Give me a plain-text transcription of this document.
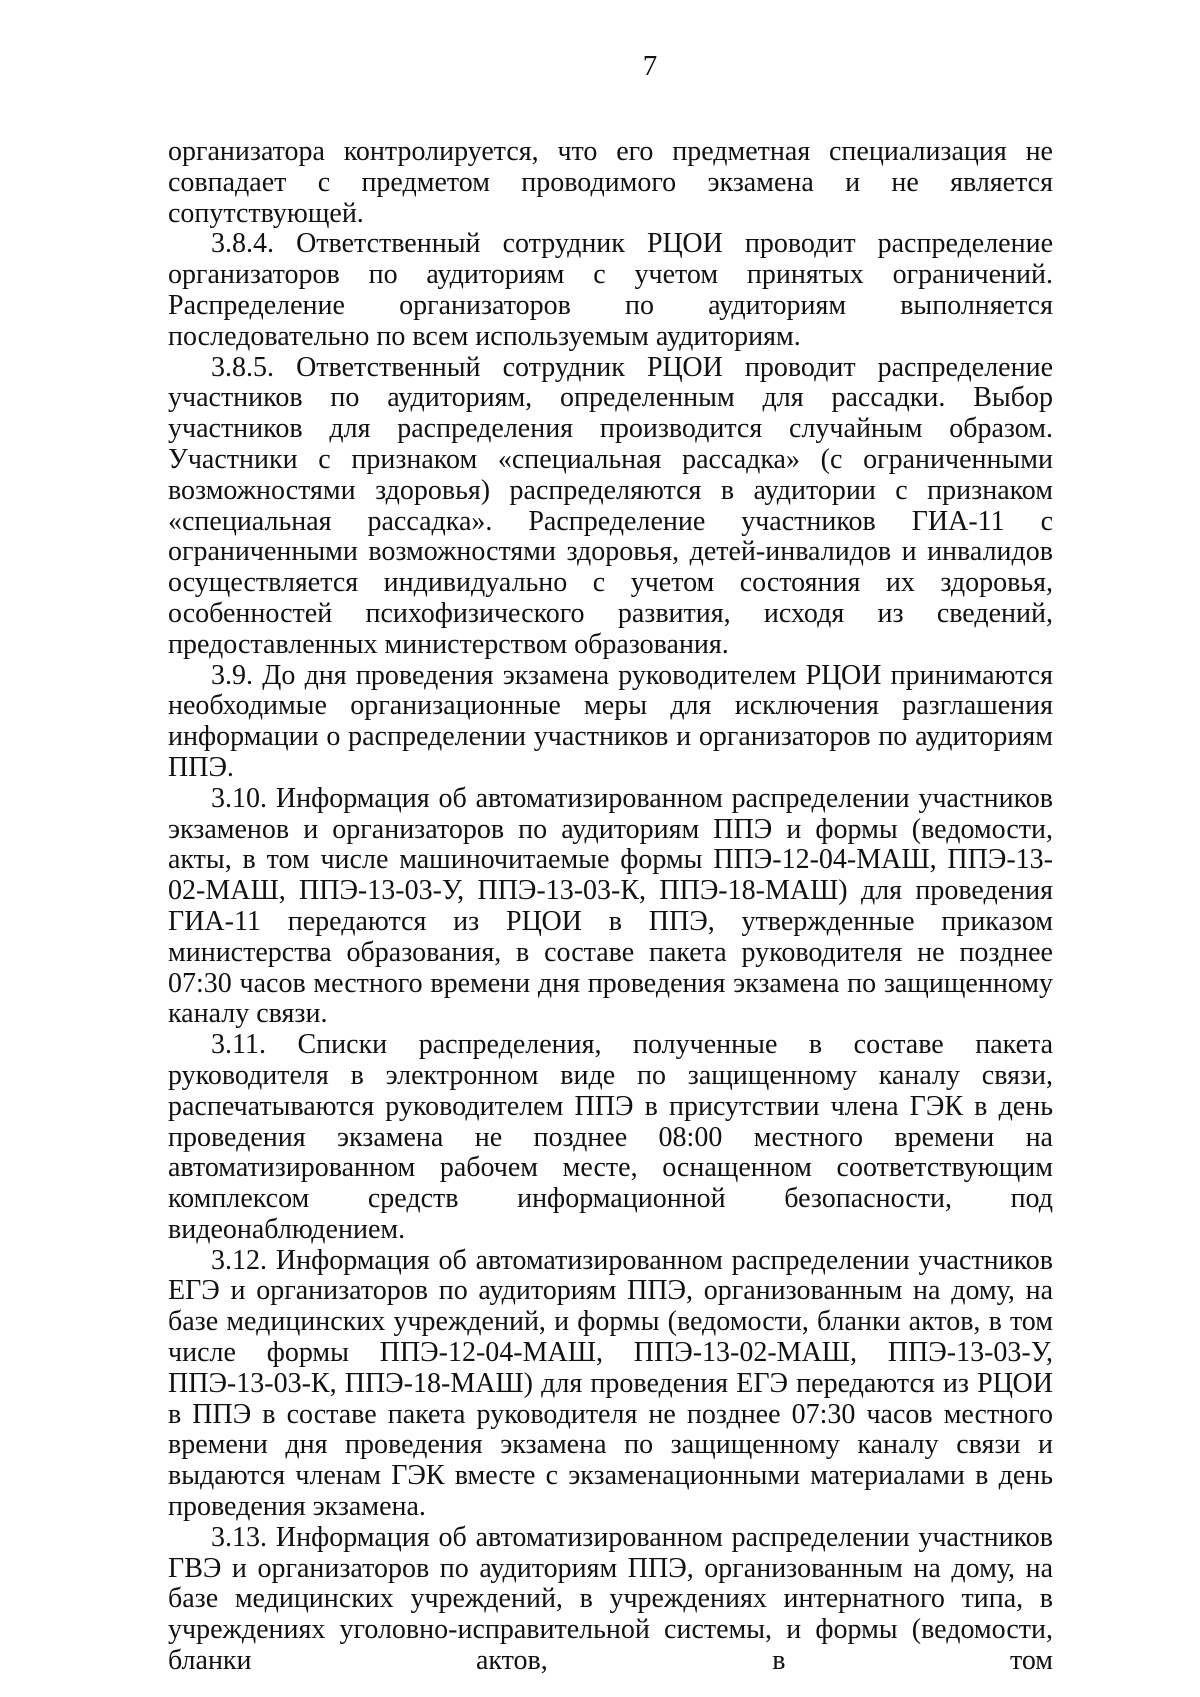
7

организатора контролируется, что его предметная специализация не совпадает с предметом проводимого экзамена и не является сопутствующей.

3.8.4. Ответственный сотрудник РЦОИ проводит распределение организаторов по аудиториям с учетом принятых ограничений. Распределение организаторов по аудиториям выполняется последовательно по всем используемым аудиториям.

3.8.5. Ответственный сотрудник РЦОИ проводит распределение участников по аудиториям, определенным для рассадки. Выбор участников для распределения производится случайным образом. Участники с признаком «специальная рассадка» (с ограниченными возможностями здоровья) распределяются в аудитории с признаком «специальная рассадка». Распределение участников ГИА-11 с ограниченными возможностями здоровья, детей-инвалидов и инвалидов осуществляется индивидуально с учетом состояния их здоровья, особенностей психофизического развития, исходя из сведений, предоставленных министерством образования.

3.9. До дня проведения экзамена руководителем РЦОИ принимаются необходимые организационные меры для исключения разглашения информации о распределении участников и организаторов по аудиториям ППЭ.

3.10. Информация об автоматизированном распределении участников экзаменов и организаторов по аудиториям ППЭ и формы (ведомости, акты, в том числе машиночитаемые формы ППЭ-12-04-МАШ, ППЭ-13-02-МАШ, ППЭ-13-03-У, ППЭ-13-03-К, ППЭ-18-МАШ) для проведения ГИА-11 передаются из РЦОИ в ППЭ, утвержденные приказом министерства образования, в составе пакета руководителя не позднее 07:30 часов местного времени дня проведения экзамена по защищенному каналу связи.

3.11. Списки распределения, полученные в составе пакета руководителя в электронном виде по защищенному каналу связи, распечатываются руководителем ППЭ в присутствии члена ГЭК в день проведения экзамена не позднее 08:00 местного времени на автоматизированном рабочем месте, оснащенном соответствующим комплексом средств информационной безопасности, под видеонаблюдением.

3.12. Информация об автоматизированном распределении участников ЕГЭ и организаторов по аудиториям ППЭ, организованным на дому, на базе медицинских учреждений, и формы (ведомости, бланки актов, в том числе формы ППЭ-12-04-МАШ, ППЭ-13-02-МАШ, ППЭ-13-03-У, ППЭ-13-03-К, ППЭ-18-МАШ) для проведения ЕГЭ передаются из РЦОИ в ППЭ в составе пакета руководителя не позднее 07:30 часов местного времени дня проведения экзамена по защищенному каналу связи и выдаются членам ГЭК вместе с экзаменационными материалами в день проведения экзамена.

3.13. Информация об автоматизированном распределении участников ГВЭ и организаторов по аудиториям ППЭ, организованным на дому, на базе медицинских учреждений, в учреждениях интернатного типа, в учреждениях уголовно-исправительной системы, и формы (ведомости, бланки актов, в том
